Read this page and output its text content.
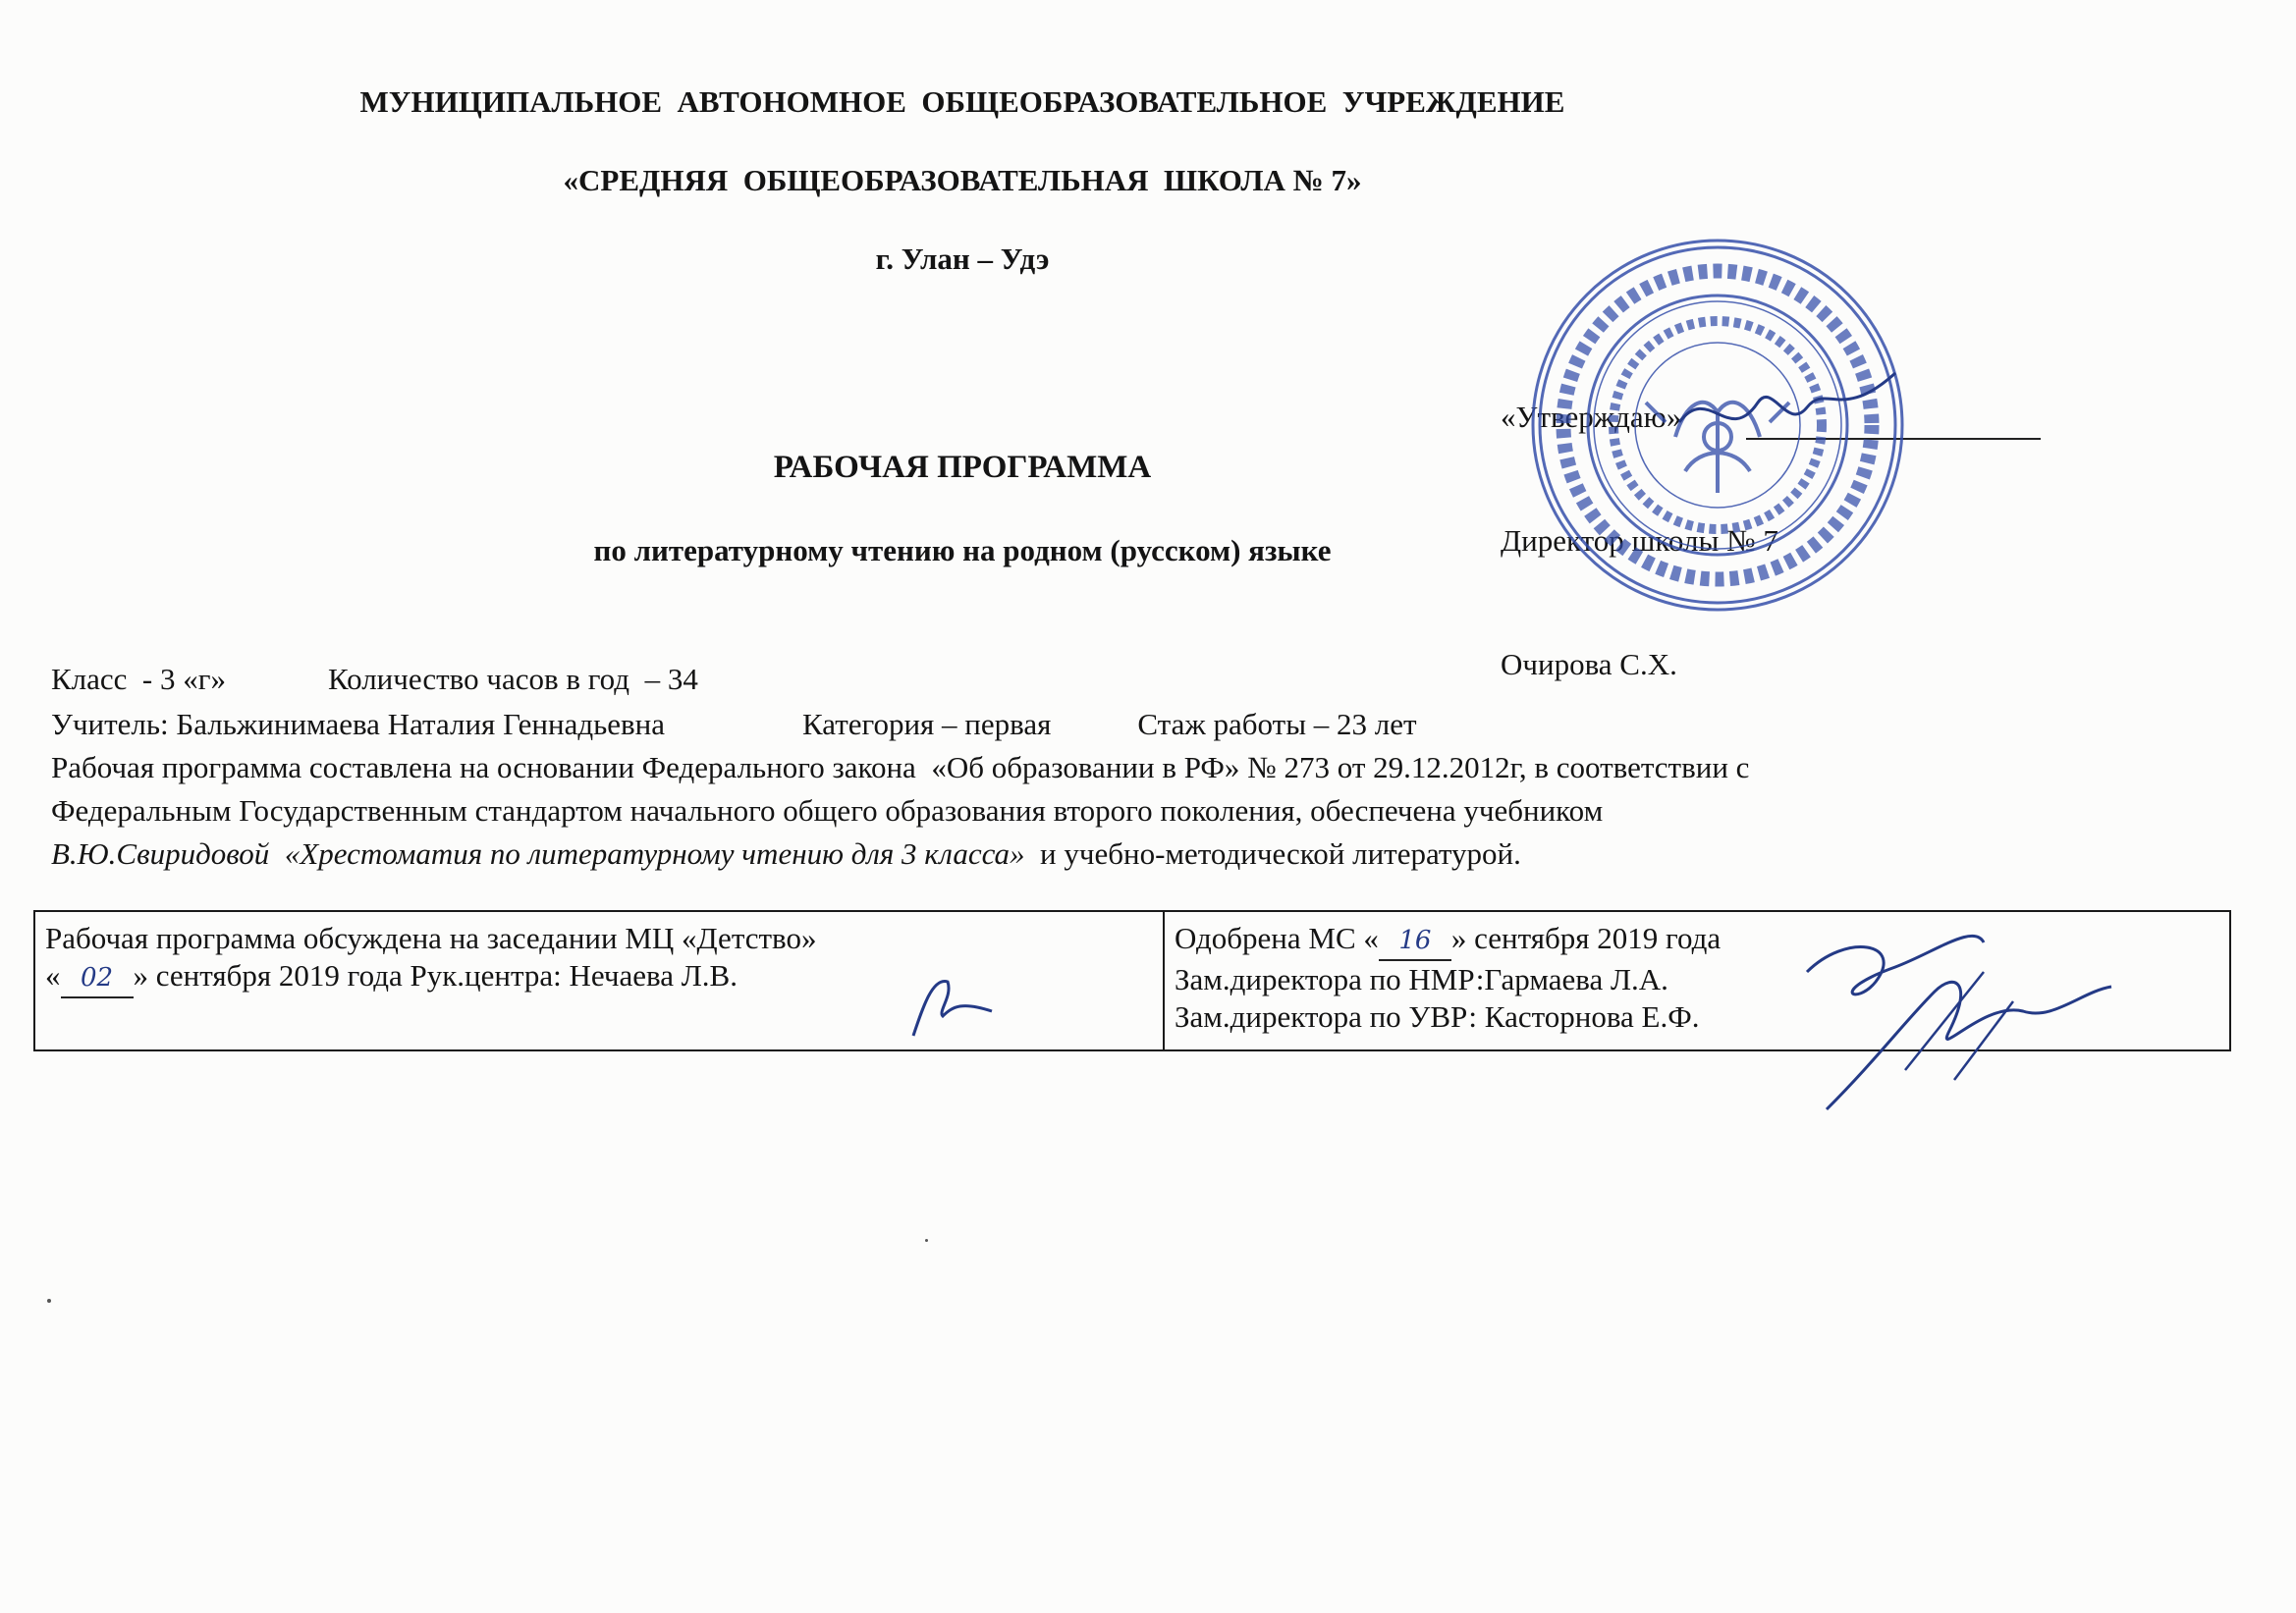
МУНИЦИПАЛЬНОЕ  АВТОНОМНОЕ  ОБЩЕОБРАЗОВАТЕЛЬНОЕ  УЧРЕЖДЕНИЕ
«СРЕДНЯЯ  ОБЩЕОБРАЗОВАТЕЛЬНАЯ  ШКОЛА № 7»
г. Улан – Удэ

«Утверждаю»

Директор школы № 7

Очирова С.Х.

РАБОЧАЯ ПРОГРАММА
по литературному чтению на родном (русском) языке
Класс  - 3 «г»	Количество часов в год  – 34
Учитель: Бальжинимаева Наталия Геннадьевна	Категория – первая	Стаж работы – 23 лет
Рабочая программа составлена на основании Федерального закона  «Об образовании в РФ» № 273 от 29.12.2012г, в соответствии с
Федеральным Государственным стандартом начального общего образования второго поколения, обеспечена учебником
В.Ю.Свиридовой «Хрестоматия по литературному чтению для 3 класса»  и учебно-методической литературой.
Рабочая программа обсуждена на заседании МЦ «Детство»
« 02 » сентября 2019 года Рук.центра: Нечаева Л.В.

Одобрена МС « 16 » сентября 2019 года
Зам.директора по НМР:Гармаева Л.А.
Зам.директора по УВР: Касторнова Е.Ф.
